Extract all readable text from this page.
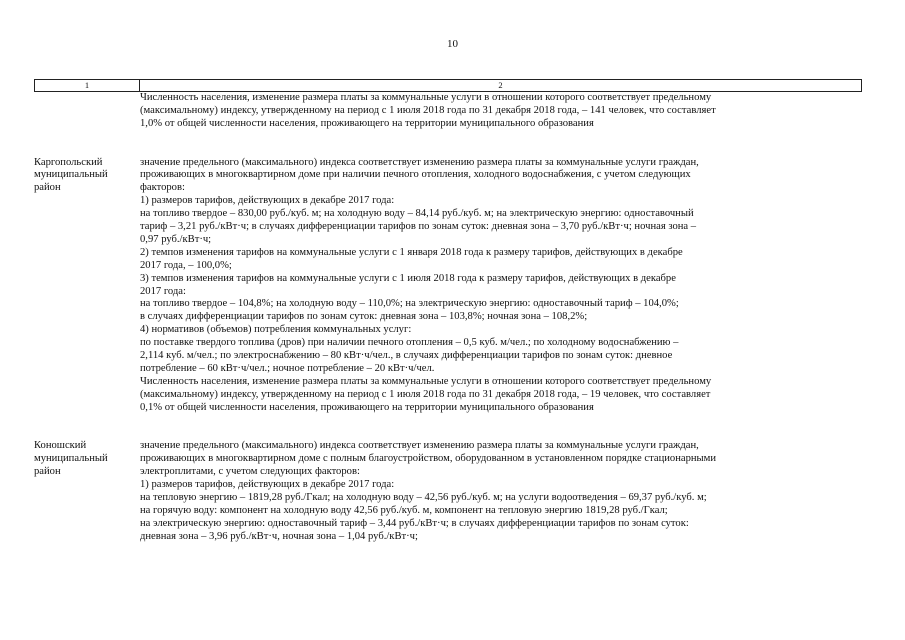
10
1	2

Численность населения, изменение размера платы за коммунальные услуги в отношении которого соответствует предельному
(максимальному) индексу, утвержденному на период с 1 июля 2018 года по 31 декабря 2018 года, – 141 человек, что составляет
1,0% от общей численности населения, проживающего на территории муниципального образования

Каргопольский
муниципальный
район

значение предельного (максимального) индекса соответствует изменению размера платы за коммунальные услуги граждан,
проживающих в многоквартирном доме при наличии печного отопления, холодного водоснабжения, с учетом следующих
факторов:

1) размеров тарифов, действующих в декабре 2017 года:

на топливо твердое – 830,00 руб./куб. м; на холодную воду – 84,14 руб./куб. м; на электрическую энергию: одноставочный
тариф – 3,21 руб./кВт·ч; в случаях дифференциации тарифов по зонам суток: дневная зона – 3,70 руб./кВт·ч; ночная зона –
0,97 руб./кВт·ч;

2) темпов изменения тарифов на коммунальные услуги с 1 января 2018 года к размеру тарифов, действующих в декабре
2017 года, – 100,0%;

3) темпов изменения тарифов на коммунальные услуги с 1 июля 2018 года к размеру тарифов, действующих в декабре
2017 года:

на топливо твердое – 104,8%; на холодную воду – 110,0%; на электрическую энергию: одноставочный тариф – 104,0%;
в случаях дифференциации тарифов по зонам суток: дневная зона – 103,8%; ночная зона – 108,2%;

4) нормативов (объемов) потребления коммунальных услуг:

по поставке твердого топлива (дров) при наличии печного отопления – 0,5 куб. м/чел.; по холодному водоснабжению –
2,114 куб. м/чел.; по электроснабжению – 80 кВт·ч/чел., в случаях дифференциации тарифов по зонам суток: дневное
потребление – 60 кВт·ч/чел.; ночное потребление – 20 кВт·ч/чел.

Численность населения, изменение размера платы за коммунальные услуги в отношении которого соответствует предельному
(максимальному) индексу, утвержденному на период с 1 июля 2018 года по 31 декабря 2018 года, – 19 человек, что составляет
0,1% от общей численности населения, проживающего на территории муниципального образования

Коношский
муниципальный
район

значение предельного (максимального) индекса соответствует изменению размера платы за коммунальные услуги граждан,
проживающих в многоквартирном доме с полным благоустройством, оборудованном в установленном порядке стационарными
электроплитами, с учетом следующих факторов:

1) размеров тарифов, действующих в декабре 2017 года:

на тепловую энергию – 1819,28 руб./Гкал; на холодную воду – 42,56 руб./куб. м; на услуги водоотведения – 69,37 руб./куб. м;
на горячую воду: компонент на холодную воду 42,56 руб./куб. м, компонент на тепловую энергию 1819,28 руб./Гкал;
на электрическую энергию: одноставочный тариф – 3,44 руб./кВт·ч; в случаях дифференциации тарифов по зонам суток:
дневная зона – 3,96 руб./кВт·ч, ночная зона – 1,04 руб./кВт·ч;
